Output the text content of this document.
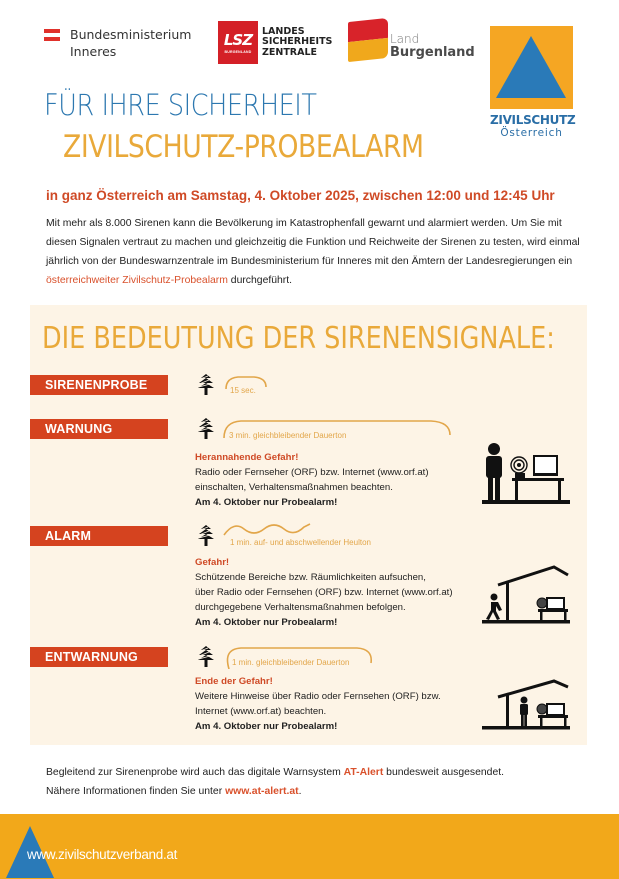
Bundesministerium
Inneres
LSZ
BURGENLAND
LANDES
SICHERHEITS
ZENTRALE
Land
Burgenland
ZIVILSCHUTZ
Österreich
FÜR IHRE SICHERHEIT
ZIVILSCHUTZ-PROBEALARM
in ganz Österreich am Samstag, 4. Oktober 2025, zwischen 12:00 und 12:45 Uhr
Mit mehr als 8.000 Sirenen kann die Bevölkerung im Katastrophenfall gewarnt und alarmiert werden. Um Sie mit diesen Signalen vertraut zu machen und gleichzeitig die Funktion und Reichweite der Sirenen zu testen, wird einmal jährlich von der Bundeswarnzentrale im Bundesministerium für Inneres mit den Ämtern der Landesregierungen ein österreichweiter Zivilschutz-Probealarm durchgeführt.
DIE BEDEUTUNG DER SIRENENSIGNALE:
SIRENENPROBE	15 sec.
WARNUNG	3 min. gleichbleibender Dauerton
Herannahende Gefahr!
Radio oder Fernseher (ORF) bzw. Internet (www.orf.at)
einschalten, Verhaltensmaßnahmen beachten.
Am 4. Oktober nur Probealarm!
ALARM	1 min. auf- und abschwellender Heulton
Gefahr!
Schützende Bereiche bzw. Räumlichkeiten aufsuchen,
über Radio oder Fernsehen (ORF) bzw. Internet (www.orf.at)
durchgegebene Verhaltensmaßnahmen befolgen.
Am 4. Oktober nur Probealarm!
ENTWARNUNG	1 min. gleichbleibender Dauerton
Ende der Gefahr!
Weitere Hinweise über Radio oder Fernsehen (ORF) bzw.
Internet (www.orf.at) beachten.
Am 4. Oktober nur Probealarm!
Begleitend zur Sirenenprobe wird auch das digitale Warnsystem AT-Alert bundesweit ausgesendet.
Nähere Informationen finden Sie unter www.at-alert.at.
www.zivilschutzverband.at
